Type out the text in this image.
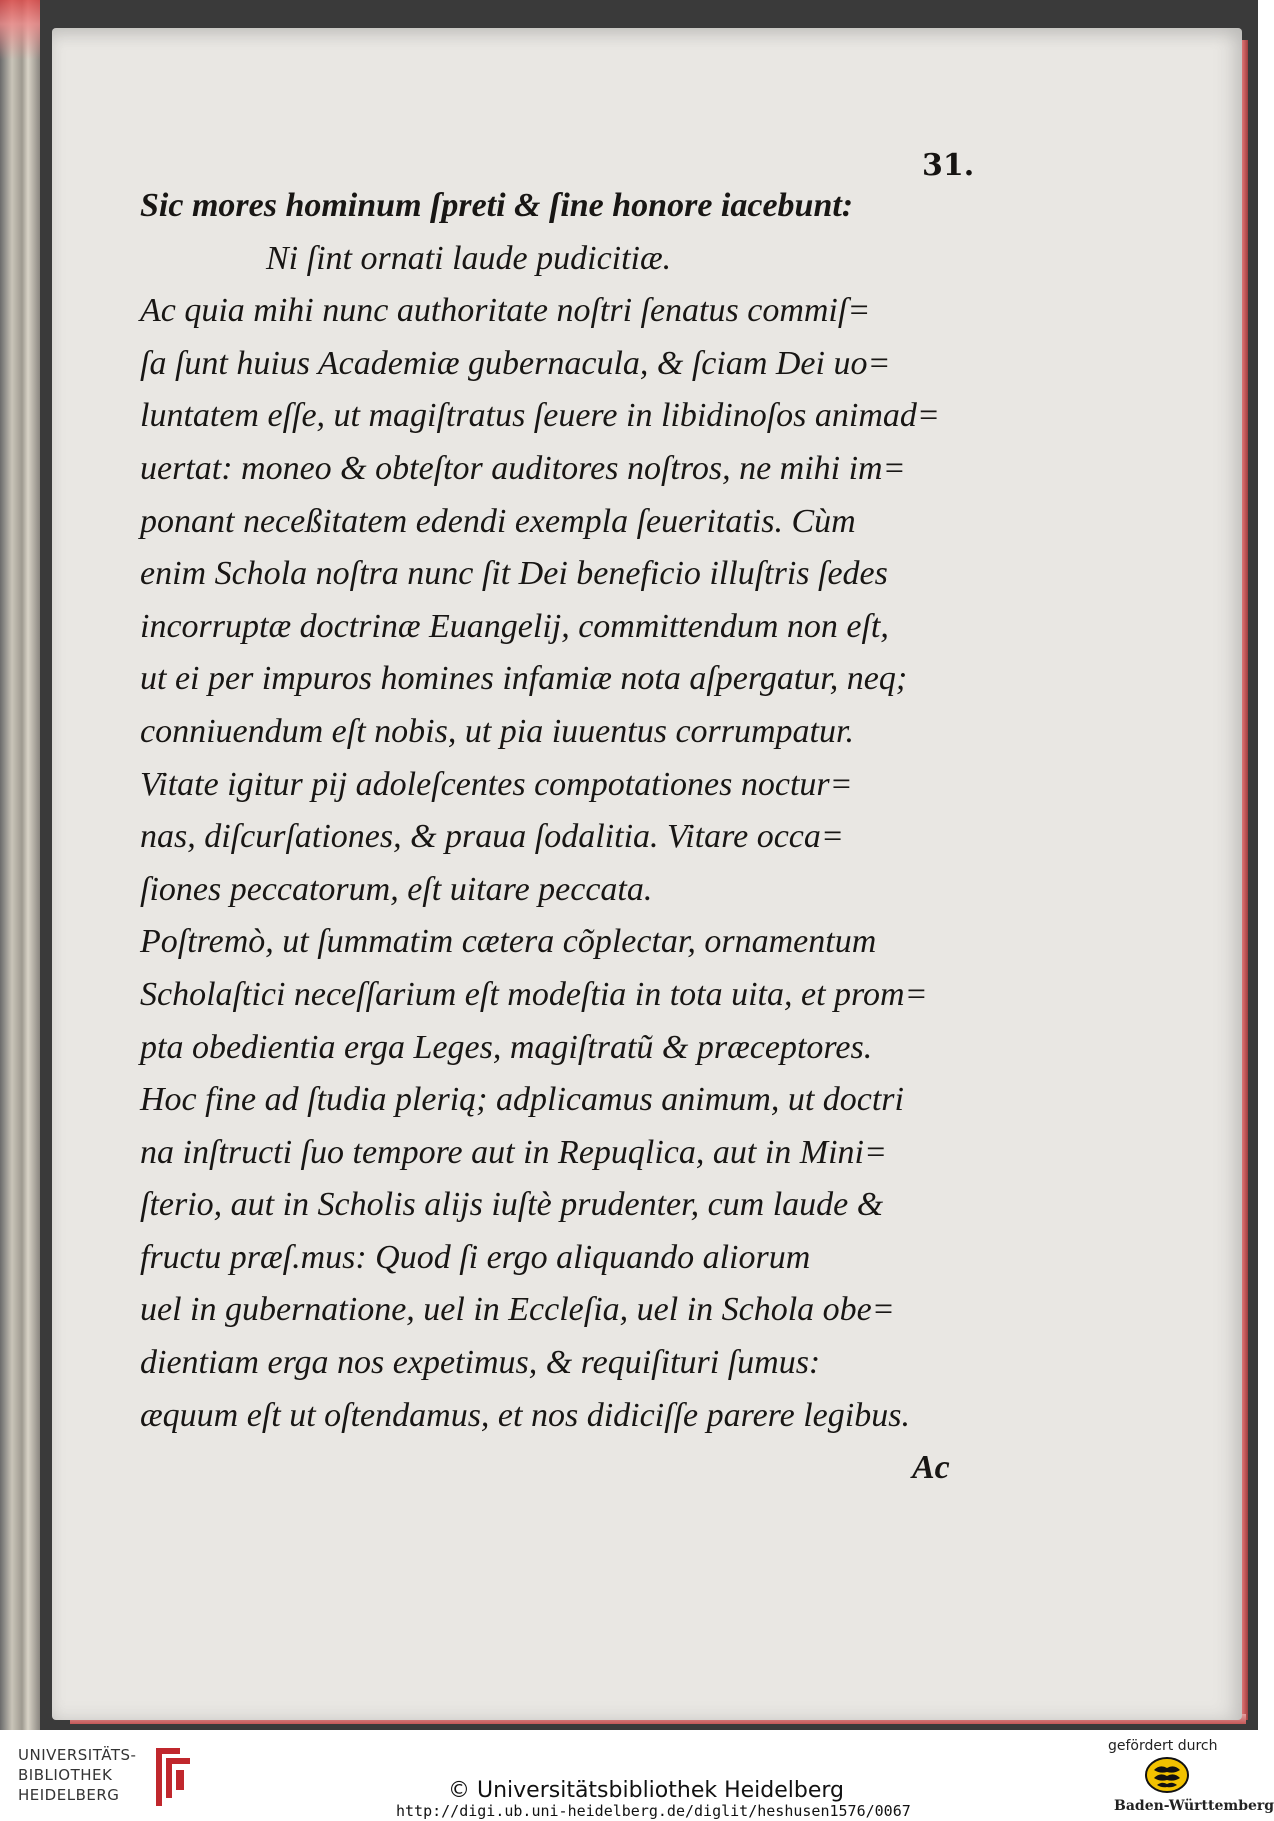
31.
Sic mores hominum ſpreti & ſine honore iacebunt:
Ni ſint ornati laude pudicitiæ.
Ac quia mihi nunc authoritate noſtri ſenatus commiſ=
ſa ſunt huius Academiæ gubernacula, & ſciam Dei uo=
luntatem eſſe, ut magiſtratus ſeuere in libidinoſos animad=
uertat: moneo & obteſtor auditores noſtros, ne mihi im=
ponant neceßitatem edendi exempla ſeueritatis. Cùm
enim Schola noſtra nunc ſit Dei beneficio illuſtris ſedes
incorruptæ doctrinæ Euangelij, committendum non eſt,
ut ei per impuros homines infamiæ nota aſpergatur, neq;
conniuendum eſt nobis, ut pia iuuentus corrumpatur.
Vitate igitur pij adoleſcentes compotationes noctur=
nas, diſcurſationes, & praua ſodalitia. Vitare occa=
ſiones peccatorum, eſt uitare peccata.
Poſtremò, ut ſummatim cætera cõplectar, ornamentum
Scholaſtici neceſſarium eſt modeſtia in tota uita, et prom=
pta obedientia erga Leges, magiſtratũ & præceptores.
Hoc fine ad ſtudia plerią; adplicamus animum, ut doctri
na inſtructi ſuo tempore aut in Repuqlica, aut in Mini=
ſterio, aut in Scholis alijs iuſtè prudenter, cum laude &
fructu præſ.mus: Quod ſi ergo aliquando aliorum
uel in gubernatione, uel in Eccleſia, uel in Schola obe=
dientiam erga nos expetimus, & requiſituri ſumus:
æquum eſt ut oſtendamus, et nos didiciſſe parere legibus.
Ac
UNIVERSITÄTS-
BIBLIOTHEK
HEIDELBERG	© Universitätsbibliothek Heidelberg
http://digi.ub.uni-heidelberg.de/diglit/heshusen1576/0067
gefördert durch
Baden-Württemberg
